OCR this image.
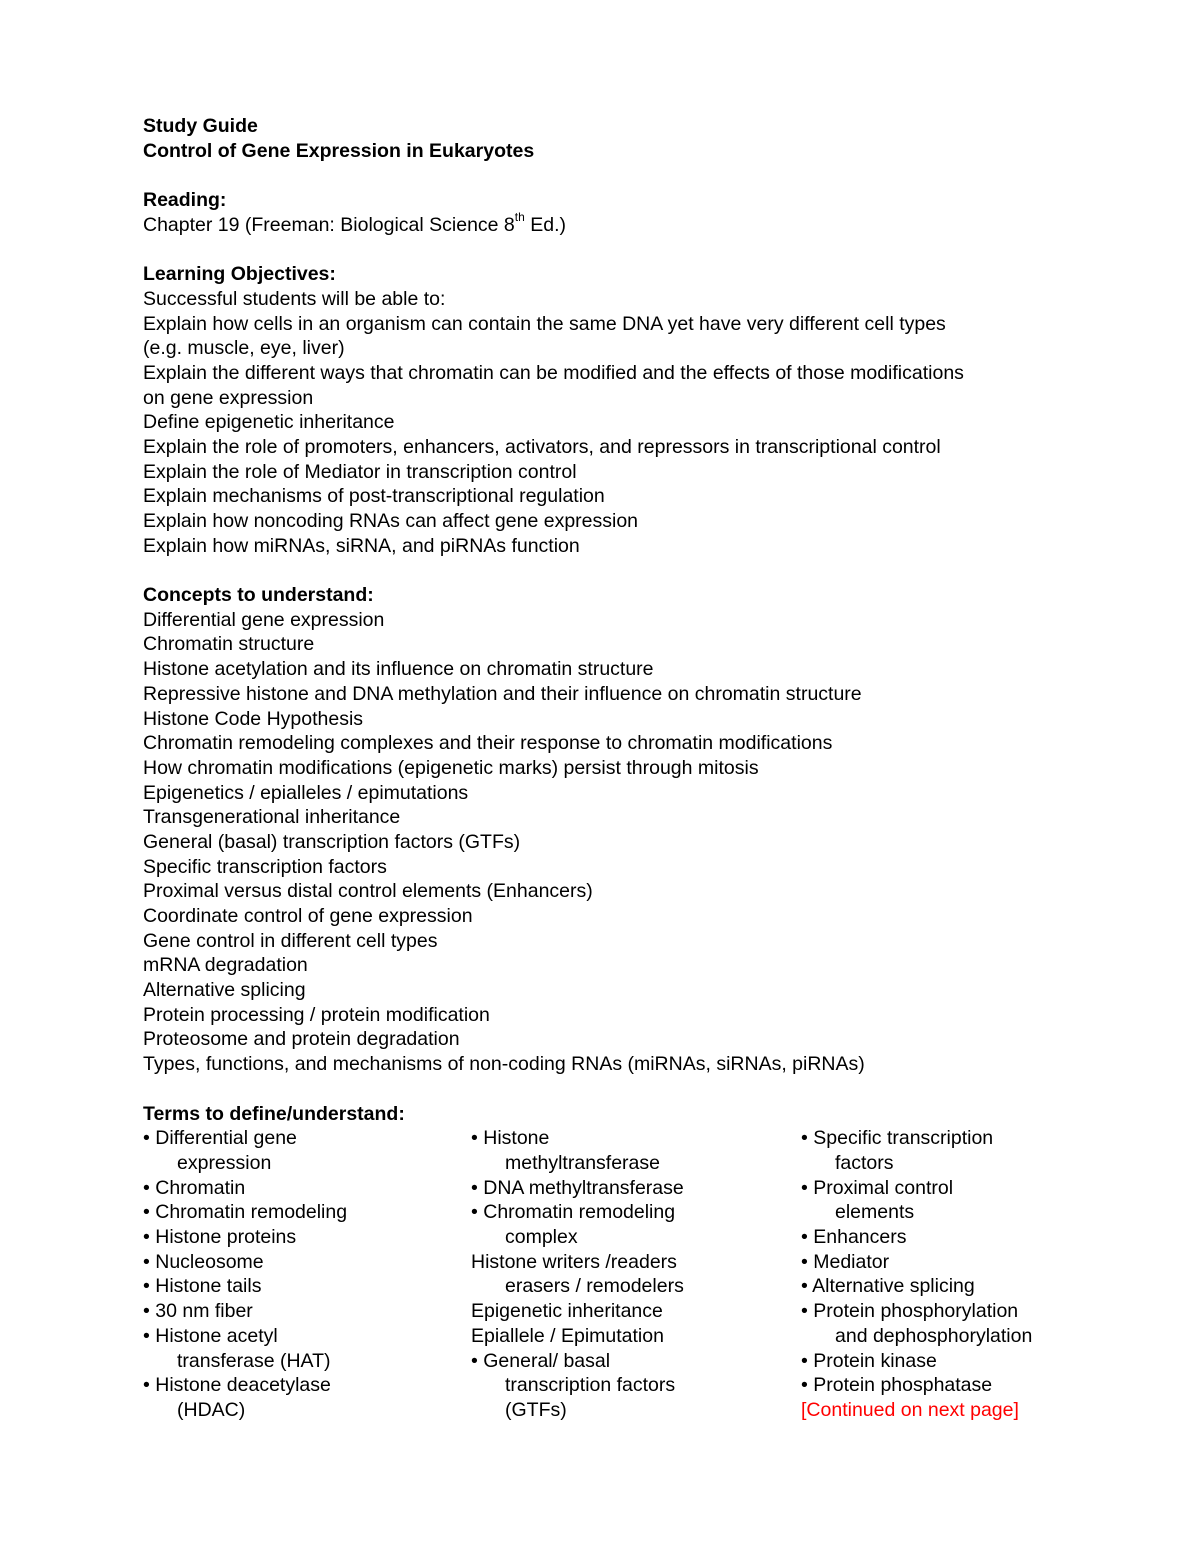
Study Guide
Control of Gene Expression in Eukaryotes
Reading:
Chapter 19 (Freeman: Biological Science 8th Ed.)
Learning Objectives:
Successful students will be able to:
Explain how cells in an organism can contain the same DNA yet have very different cell types
(e.g. muscle, eye, liver)
Explain the different ways that chromatin can be modified and the effects of those modifications
on gene expression
Define epigenetic inheritance
Explain the role of promoters, enhancers, activators, and repressors in transcriptional control
Explain the role of Mediator in transcription control
Explain mechanisms of post-transcriptional regulation
Explain how noncoding RNAs can affect gene expression
Explain how miRNAs, siRNA, and piRNAs function
Concepts to understand:
Differential gene expression
Chromatin structure
Histone acetylation and its influence on chromatin structure
Repressive histone and DNA methylation and their influence on chromatin structure
Histone Code Hypothesis
Chromatin remodeling complexes and their response to chromatin modifications
How chromatin modifications (epigenetic marks) persist through mitosis
Epigenetics / epialleles / epimutations
Transgenerational inheritance
General (basal) transcription factors (GTFs)
Specific transcription factors
Proximal versus distal control elements (Enhancers)
Coordinate control of gene expression
Gene control in different cell types
mRNA degradation
Alternative splicing
Protein processing / protein modification
Proteosome and protein degradation
Types, functions, and mechanisms of non-coding RNAs (miRNAs, siRNAs, piRNAs)
Terms to define/understand:
• Differential gene
expression
• Chromatin
• Chromatin remodeling
• Histone proteins
• Nucleosome
• Histone tails
• 30 nm fiber
• Histone acetyl
transferase (HAT)
• Histone deacetylase
(HDAC)
• Histone
methyltransferase
• DNA methyltransferase
• Chromatin remodeling
complex
Histone writers /readers
erasers / remodelers
Epigenetic inheritance
Epiallele / Epimutation
• General/ basal
transcription factors
(GTFs)
• Specific transcription
factors
• Proximal control
elements
• Enhancers
• Mediator
• Alternative splicing
• Protein phosphorylation
and dephosphorylation
• Protein kinase
• Protein phosphatase
[Continued on next page]
